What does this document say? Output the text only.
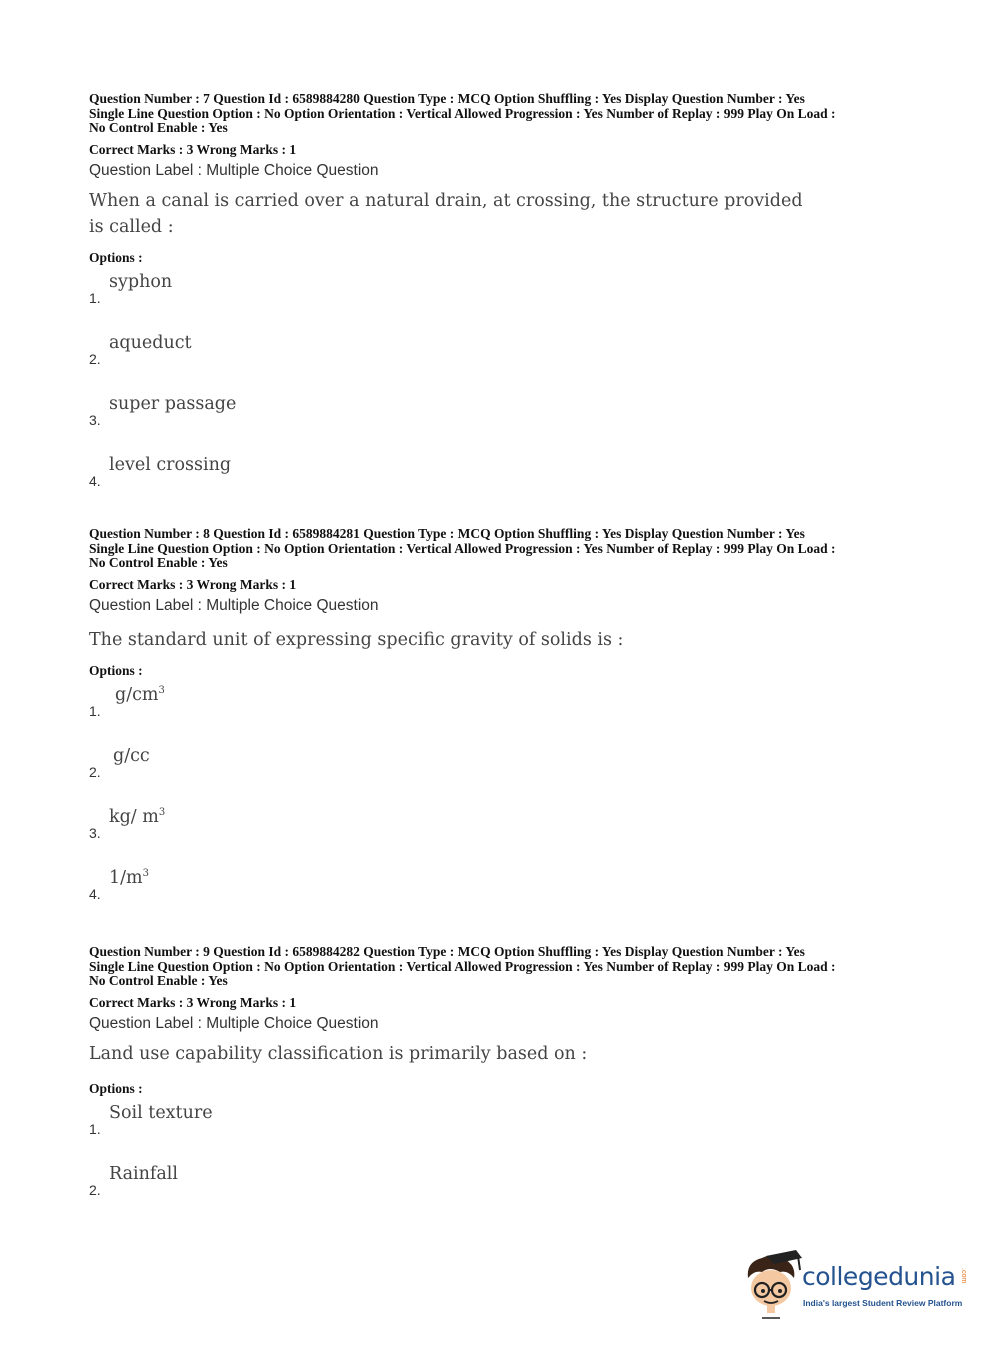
Question Number : 7 Question Id : 6589884280 Question Type : MCQ Option Shuffling : Yes Display Question Number : Yes
Single Line Question Option : No Option Orientation : Vertical Allowed Progression : Yes Number of Replay : 999 Play On Load :
No Control Enable : Yes
Correct Marks : 3 Wrong Marks : 1
Question Label : Multiple Choice Question
When a canal is carried over a natural drain, at crossing, the structure provided is called :
Options :
1.
syphon
2.
aqueduct
3.
super passage
4.
level crossing
Question Number : 8 Question Id : 6589884281 Question Type : MCQ Option Shuffling : Yes Display Question Number : Yes
Single Line Question Option : No Option Orientation : Vertical Allowed Progression : Yes Number of Replay : 999 Play On Load :
No Control Enable : Yes
Correct Marks : 3 Wrong Marks : 1
Question Label : Multiple Choice Question
The standard unit of expressing specific gravity of solids is :
Options :
1.
$g/cm^3$
2.
g/cc
3.
kg/ $m^3$
4.
$1/m^3$
Question Number : 9 Question Id : 6589884282 Question Type : MCQ Option Shuffling : Yes Display Question Number : Yes
Single Line Question Option : No Option Orientation : Vertical Allowed Progression : Yes Number of Replay : 999 Play On Load :
No Control Enable : Yes
Correct Marks : 3 Wrong Marks : 1
Question Label : Multiple Choice Question
Land use capability classification is primarily based on :
Options :
1.
Soil texture
2.
Rainfall
collegedunia .com
India's largest Student Review Platform
